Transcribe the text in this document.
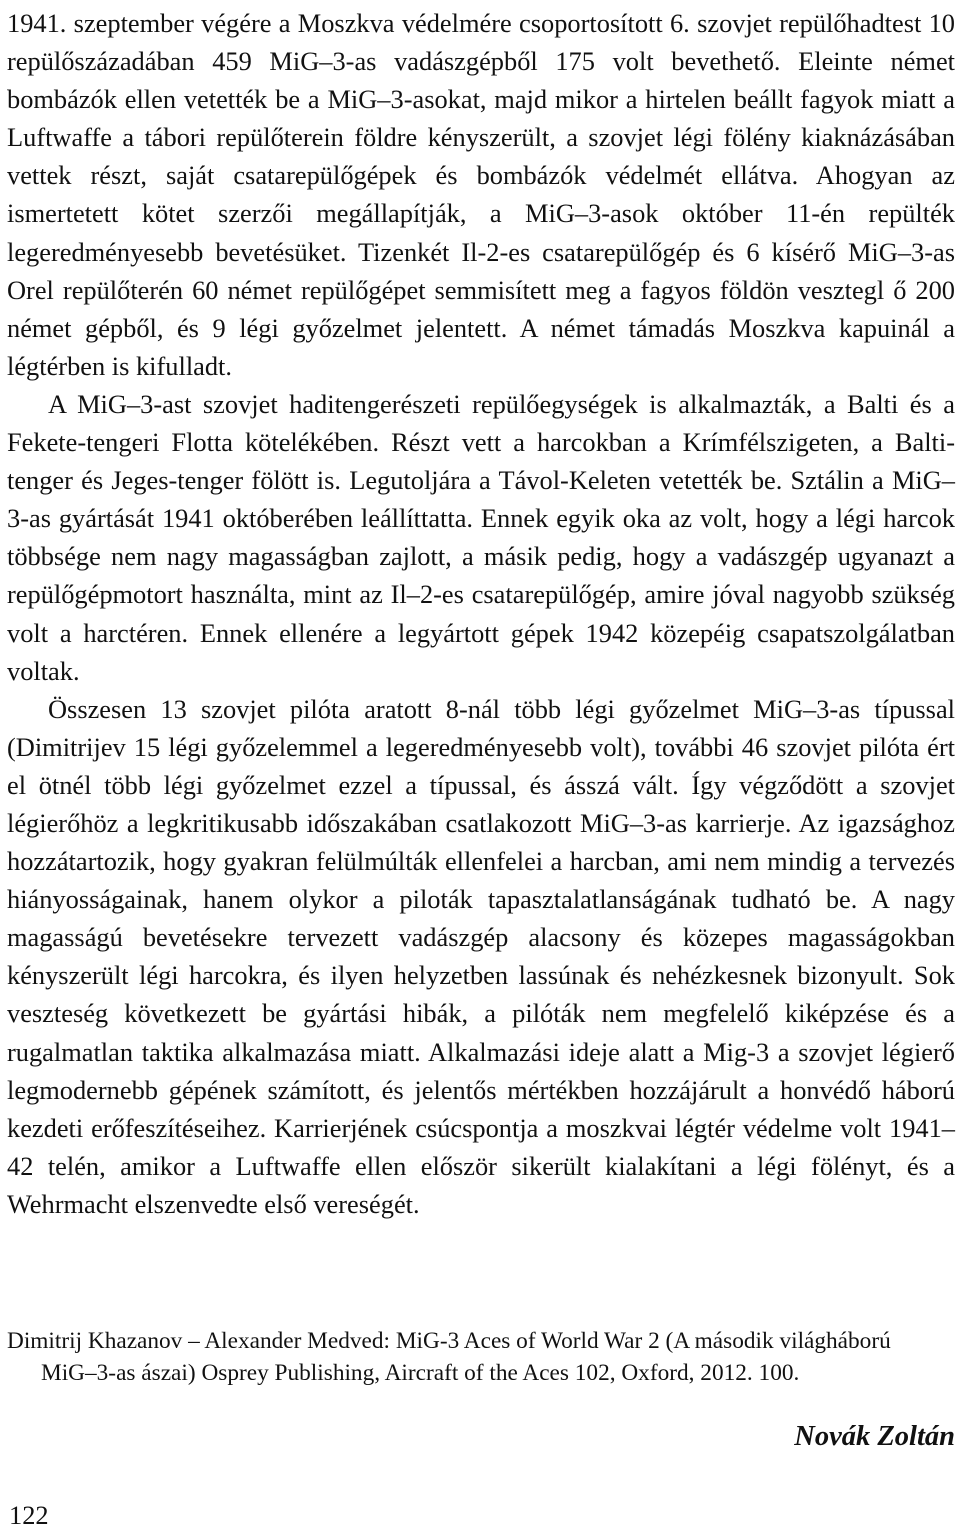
1941. szeptember végére a Moszkva védelmére csoportosított 6. szovjet repülőhadtest 10 repülőszázadában 459 MiG–3-as vadászgépből 175 volt bevethető. Eleinte német bombázók ellen vetették be a MiG–3-asokat, majd mikor a hirtelen beállt fagyok miatt a Luftwaffe a tábori repülőterein földre kényszerült, a szovjet légi fölény kiaknázásában vettek részt, saját csatarepülőgépek és bombázók védelmét ellátva. Ahogyan az ismertetett kötet szerzői megállapítják, a MiG–3-asok október 11-én repülték legeredményesebb bevetésüket. Tizenkét Il-2-es csatarepülőgép és 6 kísérő MiG–3-as Orel repülőterén 60 német repülőgépet semmisített meg a fagyos földön vesztegl ő 200 német gépből, és 9 légi győzelmet jelentett. A német támadás Moszkva kapuinál a légtérben is kifulladt.

A MiG–3-ast szovjet haditengerészeti repülőegységek is alkalmazták, a Balti és a Fekete-tengeri Flotta kötelékében. Részt vett a harcokban a Krímfélszigeten, a Balti-tenger és Jeges-tenger fölött is. Legutoljára a Távol-Keleten vetették be. Sztálin a MiG–3-as gyártását 1941 októberében leállíttatta. Ennek egyik oka az volt, hogy a légi harcok többsége nem nagy magasságban zajlott, a másik pedig, hogy a vadászgép ugyanazt a repülőgépmotort használta, mint az Il–2-es csatarepülőgép, amire jóval nagyobb szükség volt a harctéren. Ennek ellenére a legyártott gépek 1942 közepéig csapatszolgálatban voltak.

Összesen 13 szovjet pilóta aratott 8-nál több légi győzelmet MiG–3-as típussal (Dimitrijev 15 légi győzelemmel a legeredményesebb volt), további 46 szovjet pilóta ért el ötnél több légi győzelmet ezzel a típussal, és ásszá vált. Így végződött a szovjet légierőhöz a legkritikusabb időszakában csatlakozott MiG–3-as karrierje. Az igazsághoz hozzátartozik, hogy gyakran felülmúlták ellenfelei a harcban, ami nem mindig a tervezés hiányosságainak, hanem olykor a piloták tapasztalatlanságának tudható be. A nagy magasságú bevetésekre tervezett vadászgép alacsony és közepes magasságokban kényszerült légi harcokra, és ilyen helyzetben lassúnak és nehézkesnek bizonyult. Sok veszteség következett be gyártási hibák, a pilóták nem megfelelő kiképzése és a rugalmatlan taktika alkalmazása miatt. Alkalmazási ideje alatt a Mig-3 a szovjet légierő legmodernebb gépének számított, és jelentős mértékben hozzájárult a honvédő háború kezdeti erőfeszítéseihez. Karrierjének csúcspontja a moszkvai légtér védelme volt 1941–42 telén, amikor a Luftwaffe ellen először sikerült kialakítani a légi fölényt, és a Wehrmacht elszenvedte első vereségét.

Dimitrij Khazanov – Alexander Medved: MiG-3 Aces of World War 2 (A második világháború
MiG–3-as ászai) Osprey Publishing, Aircraft of the Aces 102, Oxford, 2012. 100.
Novák Zoltán
122
